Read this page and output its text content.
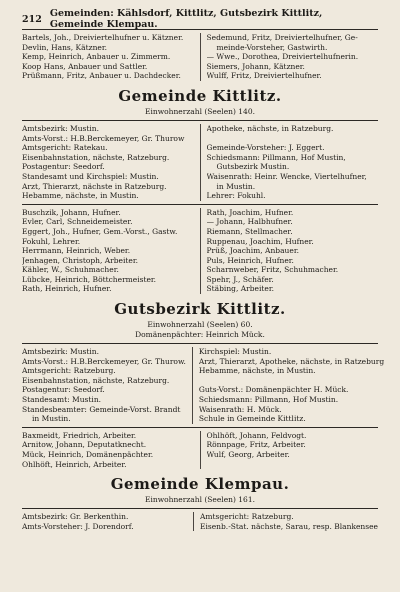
212 Gemeinden: Kählsdorf, Kittlitz, Gutsbezirk Kittlitz, Gemeinde Klempau.
Bartels, Joh., Dreiviertelhufner u. Kätzner.
Devlin, Hans, Kätzner.
Kemp, Heinrich, Anbauer u. Zimmerm.
Koop Hans, Anbauer und Sattler.
Prüßmann, Fritz, Anbauer u. Dachdecker.
Sedemund, Fritz, Dreiviertelhufner, Ge-
meinde-Vorsteher, Gastwirth.
— Wwe., Dorothea, Dreiviertelhufnerin.
Siemers, Johann, Kätzner.
Wulff, Fritz, Dreiviertelhufner.
Gemeinde Kittlitz.
Einwohnerzahl (Seelen) 140.
Amtsbezirk: Mustin.
Amts-Vorst.: H.B.Berckemeyer, Gr. Thurow
Amtsgericht: Ratekau.
Eisenbahnstation, nächste, Ratzeburg.
Postagentur: Seedorf.
Standesamt und Kirchspiel: Mustin.
Arzt, Thierarzt, nächste in Ratzeburg.
Hebamme, nächste, in Mustin.
Apotheke, nächste, in Ratzeburg.

Gemeinde-Vorsteher: J. Eggert.
Schiedsmann: Pillmann, Hof Mustin,
Gutsbezirk Mustin.
Waisenrath: Heinr. Wencke, Viertelhufner,
in Mustin.
Lehrer: Fokuhl.
Buschzik, Johann, Hufner.
Evler, Carl, Schneidemeister.
Eggert, Joh., Hufner, Gem.-Vorst., Gastw.
Fokuhl, Lehrer.
Herrmann, Heinrich, Weber.
Jenhagen, Christoph, Arbeiter.
Kähler, W., Schuhmacher.
Lübcke, Heinrich, Böttchermeister.
Rath, Heinrich, Hufner.
Rath, Joachim, Hufner.
— Johann, Halbhufner.
Riemann, Stellmacher.
Ruppenau, Joachim, Hufner.
Prüß, Joachim, Anbauer.
Puls, Heinrich, Hufner.
Scharnweber, Fritz, Schuhmacher.
Spehr, J., Schäfer.
Stäbing, Arbeiter.
Gutsbezirk Kittlitz.
Einwohnerzahl (Seelen) 60.
Domänenpächter: Heinrich Mück.
Amtsbezirk: Mustin.
Amts-Vorst.: H.B.Berckemeyer, Gr. Thurow.
Amtsgericht: Ratzeburg.
Eisenbahnstation, nächste, Ratzeburg.
Postagentur: Seedorf.
Standesamt: Mustin.
Standesbeamter: Gemeinde-Vorst. Brandt
in Mustin.
Kirchspiel: Mustin.
Arzt, Thierarzt, Apotheke, nächste, in Ratzeburg
Hebamme, nächste, in Mustin.

Guts-Vorst.: Domänenpächter H. Mück.
Schiedsmann: Pillmann, Hof Mustin.
Waisenrath: H. Mück.
Schule in Gemeinde Kittlitz.
Baxmeidt, Friedrich, Arbeiter.
Arnitow, Johann, Deputatknecht.
Mück, Heinrich, Domänenpächter.
Ohlhöft, Heinrich, Arbeiter.
Ohlhöft, Johann, Feldvogt.
Rönnpage, Fritz, Arbeiter.
Wulf, Georg, Arbeiter.
Gemeinde Klempau.
Einwohnerzahl (Seelen) 161.
Amtsbezirk: Gr. Berkenthin.
Amts-Vorsteher: J. Dorendorf.
Amtsgericht: Ratzeburg.
Eisenb.-Stat. nächste, Sarau, resp. Blankensee
